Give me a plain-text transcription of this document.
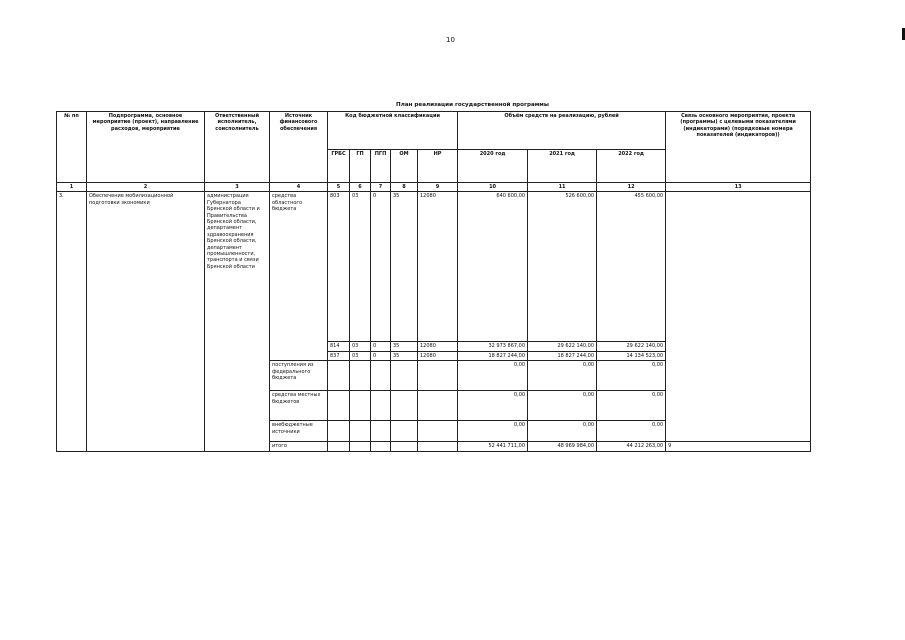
10
План реализации государственной программы
№ пп	Подпрограмма, основное мероприятие (проект), направление расходов, мероприятие	Ответственный исполнитель, соисполнитель	Источник финансового обеспечения	Код бюджетной классификации					Объём средств на реализацию, рублей			Связь основного мероприятия, проекта (программы) с целевыми показателями (индикаторами) (порядковые номера показателей (индикаторов))
				ГРБС	ГП	ПГП	ОМ	НР	2020 год	2021 год	2022 год	
1	2	3	4	5	6	7	8	9	10	11	12	13
3.	Обеспечение мобилизационной подготовки экономики	администрация Губернатора Брянской области и Правительства Брянской области, департамент здравоохранения Брянской области, департамент промышленности, транспорта и связи Брянской области	средства областного бюджета	803	03	0	35	12080	640 600,00	526 600,00	455 600,00	
				814	03	0	35	12080	32 973 867,00	29 622 140,00	29 622 140,00	
				837	03	0	35	12080	18 827 244,00	18 827 244,00	14 134 523,00	
			поступления из федерального бюджета						0,00	0,00	0,00	
			средства местных бюджетов						0,00	0,00	0,00	
			внебюджетные источники						0,00	0,00	0,00	
			итого						52 441 711,00	48 969 984,00	44 212 263,00	9
